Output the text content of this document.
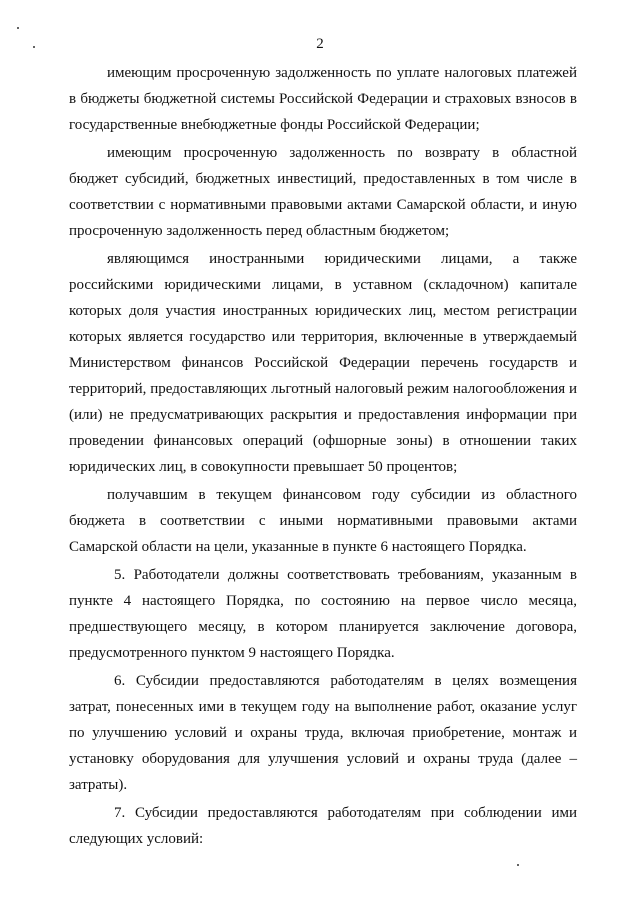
2

имеющим просроченную задолженность по уплате налоговых платежей в бюджеты бюджетной системы Российской Федерации и страховых взносов в государственные внебюджетные фонды Российской Федерации;

имеющим просроченную задолженность по возврату в областной бюджет субсидий, бюджетных инвестиций, предоставленных в том числе в соответствии с нормативными правовыми актами Самарской области, и иную просроченную задолженность перед областным бюджетом;

являющимся иностранными юридическими лицами, а также российскими юридическими лицами, в уставном (складочном) капитале которых доля участия иностранных юридических лиц, местом регистрации которых является государство или территория, включенные в утверждаемый Министерством финансов Российской Федерации перечень государств и территорий, предоставляющих льготный налоговый режим налогообложения и (или) не предусматривающих раскрытия и предоставления информации при проведении финансовых операций (офшорные зоны) в отношении таких юридических лиц, в совокупности превышает 50 процентов;

получавшим в текущем финансовом году субсидии из областного бюджета в соответствии с иными нормативными правовыми актами Самарской области на цели, указанные в пункте 6 настоящего Порядка.

5. Работодатели должны соответствовать требованиям, указанным в пункте 4 настоящего Порядка, по состоянию на первое число месяца, предшествующего месяцу, в котором планируется заключение договора, предусмотренного пунктом 9 настоящего Порядка.

6. Субсидии предоставляются работодателям в целях возмещения затрат, понесенных ими в текущем году на выполнение работ, оказание услуг по улучшению условий и охраны труда, включая приобретение, монтаж и установку оборудования для улучшения условий и охраны труда (далее – затраты).

7. Субсидии предоставляются работодателям при соблюдении ими следующих условий:
